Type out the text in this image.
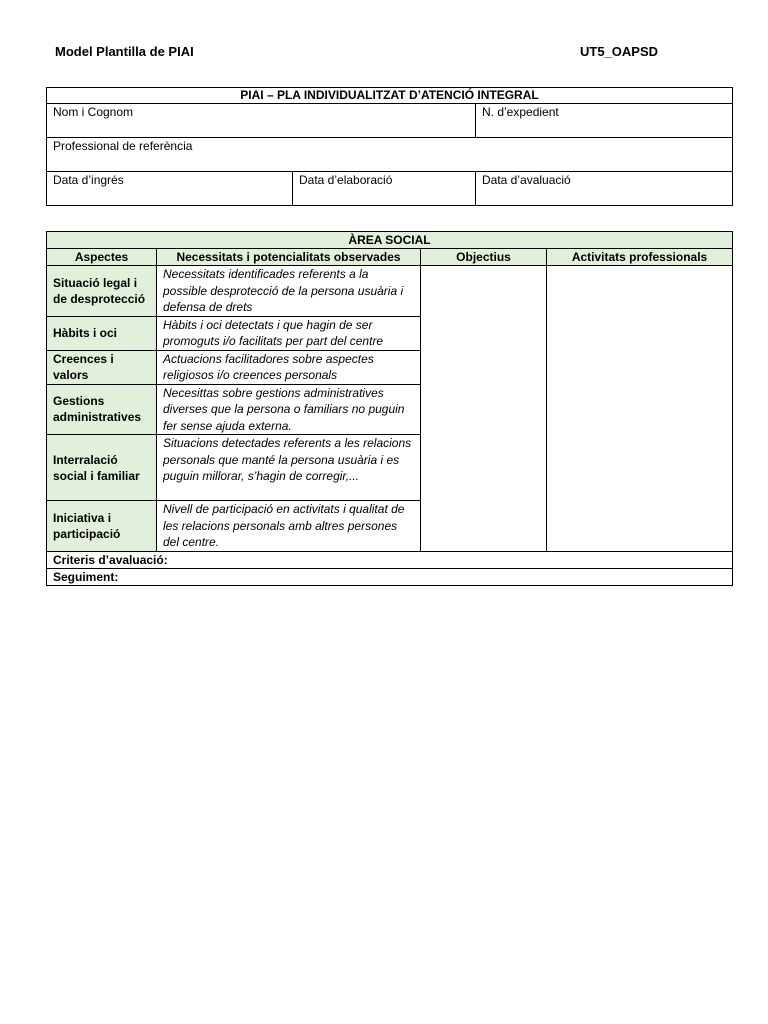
Model Plantilla de PIAI	UT5_OAPSD
PIAI – PLA INDIVIDUALITZAT D’ATENCIÓ INTEGRAL		
Nom i Cognom		N. d’expedient
Professional de referència		
Data d’ingrés	Data d’elaboració	Data d’avaluació
ÀREA SOCIAL			
Aspectes	Necessitats i potencialitats observades	Objectius	Activitats professionals
Situació legal i de desprotecció	Necessitats identificades referents a la possible desprotecció de la persona usuària i defensa de drets		
Hàbits i oci	Hàbits i oci detectats i que hagin de ser promoguts i/o facilitats per part del centre		
Creences i valors	Actuacions facilitadores sobre aspectes religiosos i/o creences personals		
Gestions administratives	Necesittas sobre gestions administratives diverses que la persona o familiars no puguin fer sense ajuda externa.		
Interralació social i familiar	Situacions detectades referents a les relacions personals que manté la persona usuària i es puguin millorar, s’hagin de corregir,...		
Iniciativa i participació	Nivell de participació en activitats i qualitat de les relacions personals amb altres persones del centre.		
Criteris d’avaluació:			
Seguiment:			
